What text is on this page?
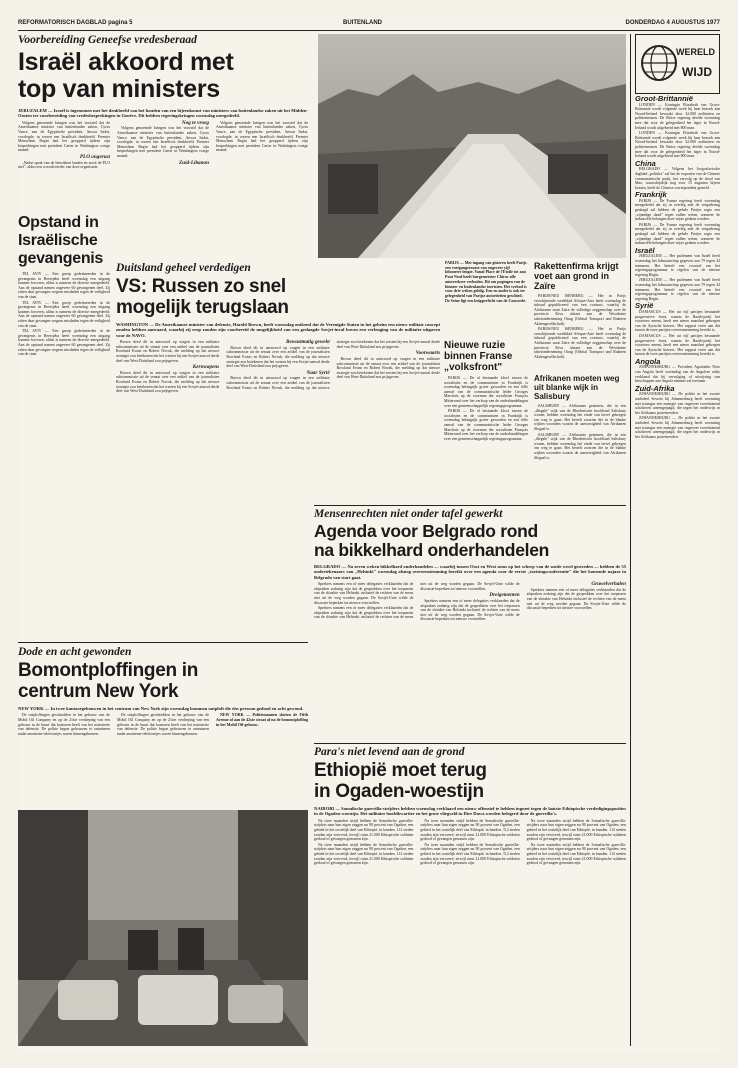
REFORMATORISCH DAGBLAD pagina 5	BUITENLAND	DONDERDAG 4 AUGUSTUS 1977
Voorbereiding Geneefse vredesberaad
Israël akkoord met
top van ministers
JERUZALEM — Israël is ingenomen met het denkbeeld van het houden van een bijeenkomst van ministers van buitenlandse zaken uit het Midden-Oosten ter voorbereiding van vredesbesprekingen in Genève. Dit hebben regeringskringen woensdag meegedeeld.

Volgens genoemde kringen was het voorstel dat de Amerikaanse minister van buitenlandse zaken, Cyrus Vance, aan de Egyptische president, Anwar Sadat, voorlegde, in wezen een Israëlisch denkbeeld. Premier Menachem Begin had het geopperd tijdens zijn besprekingen met president Carter in Washington vorige maand.

PLO ongerust

„Nadat sprak van de betrokken landen en nooit de PLO niet", aldus een woordvoerder van deze organisatie.

Nog te vroeg

Volgens genoemde kringen was het voorstel dat de Amerikaanse minister van buitenlandse zaken, Cyrus Vance, aan de Egyptische president, Anwar Sadat, voorlegde, in wezen een Israëlisch denkbeeld. Premier Menachem Begin had het geopperd tijdens zijn besprekingen met president Carter in Washington vorige maand.

Zuid-Libanon

Volgens genoemde kringen was het voorstel dat de Amerikaanse minister van buitenlandse zaken, Cyrus Vance, aan de Egyptische president, Anwar Sadat, voorlegde, in wezen een Israëlisch denkbeeld. Premier Menachem Begin had het geopperd tijdens zijn besprekingen met president Carter in Washington vorige maand.

Opstand in Israëlische gevangenis

TEL AVIV — Een groep gedetineerden in de gevangenis in Beersjeba heeft woensdag een uitgang kunnen forceren, aldus is namens de directie meegedeeld. Aan de opstand namen ongeveer 60 gevangenen deel. Zij zitten daar gevangen wegens misdaden tegen de veiligheid van de staat.

TEL AVIV — Een groep gedetineerden in de gevangenis in Beersjeba heeft woensdag een uitgang kunnen forceren, aldus is namens de directie meegedeeld. Aan de opstand namen ongeveer 60 gevangenen deel. Zij zitten daar gevangen wegens misdaden tegen de veiligheid van de staat.

TEL AVIV — Een groep gedetineerden in de gevangenis in Beersjeba heeft woensdag een uitgang kunnen forceren, aldus is namens de directie meegedeeld. Aan de opstand namen ongeveer 60 gevangenen deel. Zij zitten daar gevangen wegens misdaden tegen de veiligheid van de staat.

PARIJS — Met ingang van gisteren heeft Parijs een voetgangersoase van ongeveer vijf kilometer lengte. Vanaf Place de l'Étoile tot aan Pont Neuf heeft burgemeester Chirac alle autoverkeer verboden. Dit om pogingen van de binnen- en buitenlandse toeristen. Het verbod is voor drie weken geldig. Een en ander is ook ter gelegenheid van Parijse autoriteiten geschied. De Seine ligt een knipperlicht van de Concorde.
Duitsland geheel verdedigen
VS: Russen zo snel
mogelijk terugslaan
WASHINGTON — De Amerikaanse minister van defensie, Harold Brown, heeft woensdag ontkend dat de Verenigde Staten in het geheim een nieuw militair concept zouden hebben aanvaard, waarbij zij erop zouden zijn voorbereid de mogelijkheid van een geslaagde Sovjet-inval boven een verlenging van de militaire uitgaven voor de NAVO.

Brown deed dit in antwoord op vragen in een militaire subcommissie uit de senaat over een artikel van de journalisten Rowland Evans en Robert Novak, die melding op dat nieuwe strategie zou betekenen dat het westen bij een Sovjet-aanval derde deel van West-Duitsland zou prijsgeven.

Kernwapens

Brown deed dit in antwoord op vragen in een militaire subcommissie uit de senaat over een artikel van de journalisten Rowland Evans en Robert Novak, die melding op dat nieuwe strategie zou betekenen dat het westen bij een Sovjet-aanval derde deel van West-Duitsland zou prijsgeven.

Bewustmatig gewekt

Brown deed dit in antwoord op vragen in een militaire subcommissie uit de senaat over een artikel van de journalisten Rowland Evans en Robert Novak, die melding op dat nieuwe strategie zou betekenen dat het westen bij een Sovjet-aanval derde deel van West-Duitsland zou prijsgeven.

Naar Syrië

Brown deed dit in antwoord op vragen in een militaire subcommissie uit de senaat over een artikel van de journalisten Rowland Evans en Robert Novak, die melding op dat nieuwe strategie zou betekenen dat het westen bij een Sovjet-aanval derde deel van West-Duitsland zou prijsgeven.

Voorwaarts

Brown deed dit in antwoord op vragen in een militaire subcommissie uit de senaat over een artikel van de journalisten Rowland Evans en Robert Novak, die melding op dat nieuwe strategie zou betekenen dat het westen bij een Sovjet-aanval derde deel van West-Duitsland zou prijsgeven.

Rakettenfirma krijgt voet aan grond in Zaïre

PARIJS/NEU ISENBERG — Het in Parijs verschijnende weekblad Afrique-Asie heeft woensdag de inhoud gepubliceerd van een contract, waarbij de Afrikaanse staat Zaïre de volledige zeggenschap over de provincie Kivu afstaat aan de Westduitse raketonderneming Otrag (Orbital Transport und Raketen Aktiengesellschaft).

PARIJS/NEU ISENBERG — Het in Parijs verschijnende weekblad Afrique-Asie heeft woensdag de inhoud gepubliceerd van een contract, waarbij de Afrikaanse staat Zaïre de volledige zeggenschap over de provincie Kivu afstaat aan de Westduitse raketonderneming Otrag (Orbital Transport und Raketen Aktiengesellschaft).

Nieuwe ruzie binnen Franse „volksfront"

PARIJS — De al bestaande kloof tussen de socialisten en de communisten in Frankrijk is woensdag belangrijk groter geworden en een felle aanval van de communistische leider Georges Marchais op de voorman der socialisten François Mitterrand over het verloop van de onderhandelingen over een gemeenschappelijk regeringsprogramma.

PARIJS — De al bestaande kloof tussen de socialisten en de communisten in Frankrijk is woensdag belangrijk groter geworden en een felle aanval van de communistische leider Georges Marchais op de voorman der socialisten François Mitterrand over het verloop van de onderhandelingen over een gemeenschappelijk regeringsprogramma.

Afrikanen moeten weg uit blanke wijk in Salisbury

SALISBURY — Afrikaanse gezinnen, die in een „illegale" wijk van de Rhodesische hoofdstad Salisbury wonen, hebben woensdag het einde van bevel gekregen om weg te gaan. Het betreft zwarten die in de blanke wijken woonden waarin de aanwezigheid van Afrikanen illegaal is.

SALISBURY — Afrikaanse gezinnen, die in een „illegale" wijk van de Rhodesische hoofdstad Salisbury wonen, hebben woensdag het einde van bevel gekregen om weg te gaan. Het betreft zwarten die in de blanke wijken woonden waarin de aanwezigheid van Afrikanen illegaal is.

Mensenrechten niet onder tafel gewerkt
Agenda voor Belgrado rond
na bikkelhard onderhandelen
BELGRADO — Na zeven weken bikkelhard onderhandelen — waarbij tussen Oost en West soms op het scherp van de snede werd gestreden — hebben de 35 ondertekenaars van „Helsinki" woensdag alsnog overeenstemming bereikt over een agenda voor de eerste „toetsingsconferentie" die het komende najaar in Belgrado van start gaat.

Sprekers namens een of meer delegaties verklaarden dat de afspraken zodanig zijn dat de gesprekken over het toepassen van de slotakte van Helsinki inclusief de rechten van de mens niet uit de weg worden gegaan. De Sovjet-Unie wilde de discussie beperken tot nieuwe voorstellen.

Sprekers namens een of meer delegaties verklaarden dat de afspraken zodanig zijn dat de gesprekken over het toepassen van de slotakte van Helsinki inclusief de rechten van de mens niet uit de weg worden gegaan. De Sovjet-Unie wilde de discussie beperken tot nieuwe voorstellen.

Dreigementen

Sprekers namens een of meer delegaties verklaarden dat de afspraken zodanig zijn dat de gesprekken over het toepassen van de slotakte van Helsinki inclusief de rechten van de mens niet uit de weg worden gegaan. De Sovjet-Unie wilde de discussie beperken tot nieuwe voorstellen.

Gruwelverhalen

Sprekers namens een of meer delegaties verklaarden dat de afspraken zodanig zijn dat de gesprekken over het toepassen van de slotakte van Helsinki inclusief de rechten van de mens niet uit de weg worden gegaan. De Sovjet-Unie wilde de discussie beperken tot nieuwe voorstellen.

Dode en acht gewonden
Bomontploffingen in
centrum New York
NEW YORK — In twee kantoorgebouwen in het centrum van New York zijn woensdag bommen ontploft die één persoon gedood en acht gewond.

De ontploffingen geschiedden in het gebouw van de Mobil Oil Company en op de 21ste verdieping van een gebouw in de buurt dat kantoren heeft van het ministerie van defensie. De politie begon gebouwen te ontruimen nadat anonieme telefoontjes waren binnengekomen.

De ontploffingen geschiedden in het gebouw van de Mobil Oil Company en op de 21ste verdieping van een gebouw in de buurt dat kantoren heeft van het ministerie van defensie. De politie begon gebouwen te ontruimen nadat anonieme telefoontjes waren binnengekomen.

NEW YORK — Politiemannen sluiten de Fifth Avenue af aan de 42ste straat af na de bomontploffing in het Mobil Oil-gebouw.

Para's niet levend aan de grond
Ethiopië moet terug
in Ogaden-woestijn
NAIROBI — Somalische guerrilla-strijders hebben woensdag verklaard een nieuw offensief te hebben ingezet tegen de laatste Ethiopische verdedigingsposities in de Ogaden-woestijn. Het militaire hoofdkwartier en het grote vliegveld in Dire Dawa worden belegerd door de guerrilla's.

Na twee maanden strijd hebben de Somalische guerrilla-strijders naar hun eigen zeggen nu 90 procent van Ogaden, een gebied in het oostelijk deel van Ethiopië, in handen. 112 steden zouden zijn veroverd, terwijl ruim 21.000 Ethiopische soldaten gedood of gevangen genomen zijn.

Na twee maanden strijd hebben de Somalische guerrilla-strijders naar hun eigen zeggen nu 90 procent van Ogaden, een gebied in het oostelijk deel van Ethiopië, in handen. 112 steden zouden zijn veroverd, terwijl ruim 21.000 Ethiopische soldaten gedood of gevangen genomen zijn.

Na twee maanden strijd hebben de Somalische guerrilla-strijders naar hun eigen zeggen nu 90 procent van Ogaden, een gebied in het oostelijk deel van Ethiopië, in handen. 112 steden zouden zijn veroverd, terwijl ruim 21.000 Ethiopische soldaten gedood of gevangen genomen zijn.

Na twee maanden strijd hebben de Somalische guerrilla-strijders naar hun eigen zeggen nu 90 procent van Ogaden, een gebied in het oostelijk deel van Ethiopië, in handen. 112 steden zouden zijn veroverd, terwijl ruim 21.000 Ethiopische soldaten gedood of gevangen genomen zijn.

Na twee maanden strijd hebben de Somalische guerrilla-strijders naar hun eigen zeggen nu 90 procent van Ogaden, een gebied in het oostelijk deel van Ethiopië, in handen. 112 steden zouden zijn veroverd, terwijl ruim 21.000 Ethiopische soldaten gedood of gevangen genomen zijn.

Na twee maanden strijd hebben de Somalische guerrilla-strijders naar hun eigen zeggen nu 90 procent van Ogaden, een gebied in het oostelijk deel van Ethiopië, in handen. 112 steden zouden zijn veroverd, terwijl ruim 21.000 Ethiopische soldaten gedood of gevangen genomen zijn.

WERELD
WIJD
Groot-Brittannië

LONDEN — Koningin Elizabeth van Groot-Brittannië wordt volgende week bij haar bezoek aan Noord-Ierland bewaakt door 32.000 militairen en politiemensen. De Britse regering deelde woensdag mee dat voor de gelegenheid het leger in Noord-Ierland wordt uitgebreid met 800 man.

LONDEN — Koningin Elizabeth van Groot-Brittannië wordt volgende week bij haar bezoek aan Noord-Ierland bewaakt door 32.000 militairen en politiemensen. De Britse regering deelde woensdag mee dat voor de gelegenheid het leger in Noord-Ierland wordt uitgebreid met 800 man.

China

BELGRADO — Volgens het Joegoslavische dagblad „politika" zal het de exporten van de Chinese communistische partij, het vervolg op de dood van Mao, waarschijnlijk nog voor 15 augustus bijeen komen, heeft de Chinese correspondent gemeld.

Frankrijk

PARIJS — De Franse regering heeft woensdag meegedeeld dat zij in overleg met de vergadering gedaagd zal hebben de gehele Parijse regio een „vijandige daad" tegen zullen weten, wanneer de industriële belangen deze wijze gedaan worden.

PARIJS — De Franse regering heeft woensdag meegedeeld dat zij in overleg met de vergadering gedaagd zal hebben de gehele Parijse regio een „vijandige daad" tegen zullen weten, wanneer de industriële belangen deze wijze gedaan worden.

Israël

JERUZALEM — Het parlement van Israël heeft woensdag het lidmaatschap gegeven aan 79 tegen 34 stemmen. Het betreft een voorstel om het regeringsprogramma te regelen van de nieuwe regering Begin.

JERUZALEM — Het parlement van Israël heeft woensdag het lidmaatschap gegeven aan 79 tegen 34 stemmen. Het betreft een voorstel om het regeringsprogramma te regelen van de nieuwe regering Begin.

Syrië

DAMASCUS — Het uit vijf partijen bestaande progressieve front, waarin de Baath-partij het voortouw neemt, heeft een nieuw manifest gekregen van de Syrische kiezers. Het rapport voert aan dat tussen de twee partijen overeenstemming bereikt is.

DAMASCUS — Het uit vijf partijen bestaande progressieve front, waarin de Baath-partij het voortouw neemt, heeft een nieuw manifest gekregen van de Syrische kiezers. Het rapport voert aan dat tussen de twee partijen overeenstemming bereikt is.

Angola

JOHANNESBURG — President Agostinho Neto van Angola heeft woensdag van de Angolese radio verklaard dat hij vervulging of uitwijzing van bisschoppen aan Angola nimmer zal toestaan.

Zuid-Afrika

JOHANNESBURG — De politie in het zwarte stadsdeel Soweto bij Johannesburg heeft woensdag met traangas een menigte van ongeveer tweeduizend scholieren uiteengejaagd, die tegen het onderwijs in het Afrikaans protesteerden.

JOHANNESBURG — De politie in het zwarte stadsdeel Soweto bij Johannesburg heeft woensdag met traangas een menigte van ongeveer tweeduizend scholieren uiteengejaagd, die tegen het onderwijs in het Afrikaans protesteerden.
